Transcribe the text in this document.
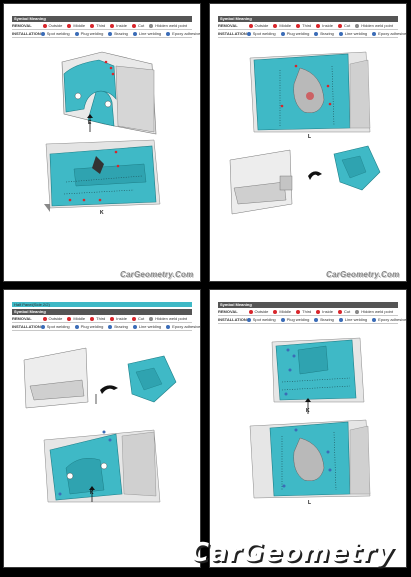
Symbol Meaning
REMOVAL	Outside	Middle	Third	Inside	Cut	Hidden weld point
INSTALLATION Spot welding	Plug welding	Brazing	Line welding	Epoxy adhesive
E
K
CarGeometry.Com
Symbol Meaning
REMOVAL	Outside	Middle	Third	Inside	Cut	Hidden weld point
INSTALLATION Spot welding	Plug welding	Brazing	Line welding	Epoxy adhesive
L
CarGeometry.Com
Half Panel(Side 2/2)
Symbol Meaning
REMOVAL	Outside	Middle	Third	Inside	Cut	Hidden weld point
INSTALLATION Spot welding	Plug welding	Brazing	Line welding	Epoxy adhesive
K
Symbol Meaning
REMOVAL	Outside	Middle	Third	Inside	Cut	Hidden weld point
INSTALLATION Spot welding	Plug welding	Brazing	Line welding	Epoxy adhesive
K
L
CarGeometry
